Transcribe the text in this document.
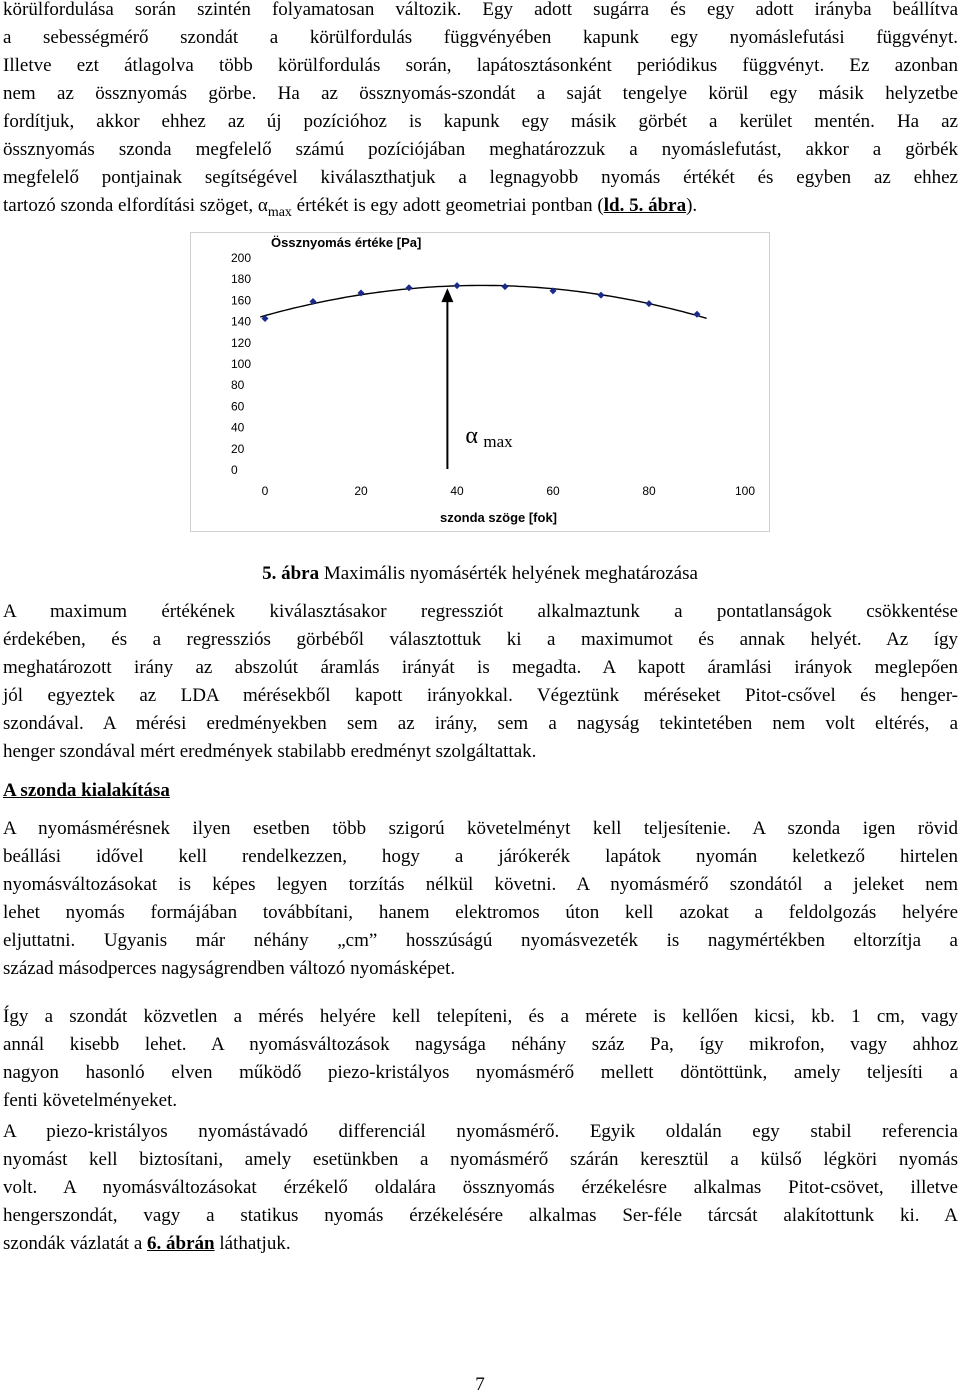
körülfordulása során szintén folyamatosan változik. Egy adott sugárra és egy adott irányba beállítva
a sebességmérő szondát a körülfordulás függvényében kapunk egy nyomáslefutási függvényt.
Illetve ezt átlagolva több körülfordulás során, lapátosztásonként periódikus függvényt. Ez azonban
nem az össznyomás görbe. Ha az össznyomás-szondát a saját tengelye körül egy másik helyzetbe
fordítjuk, akkor ehhez az új pozícióhoz is kapunk egy másik görbét a kerület mentén. Ha az
össznyomás szonda megfelelő számú pozíciójában meghatározzuk a nyomáslefutást, akkor a görbék
megfelelő pontjainak segítségével kiválaszthatjuk a legnagyobb nyomás értékét és egyben az ehhez
tartozó szonda elfordítási szöget, $\alpha_{max}$ értékét is egy adott geometriai pontban (ld. 5. ábra).
Össznyomás értéke [Pa]
200
180
160
140
120
100
80
60
40
20
0
0	20	40	60	80	100
α max
szonda szöge [fok]
5. ábra Maximális nyomásérték helyének meghatározása
A maximum értékének kiválasztásakor regressziót alkalmaztunk a pontatlanságok csökkentése
érdekében, és a regressziós görbéből választottuk ki a maximumot és annak helyét. Az így
meghatározott irány az abszolút áramlás irányát is megadta. A kapott áramlási irányok meglepően
jól egyeztek az LDA mérésekből kapott irányokkal. Végeztünk méréseket Pitot-csővel és henger-
szondával. A mérési eredményekben sem az irány, sem a nagyság tekintetében nem volt eltérés, a
henger szondával mért eredmények stabilabb eredményt szolgáltattak.
A szonda kialakítása
A nyomásmérésnek ilyen esetben több szigorú követelményt kell teljesítenie. A szonda igen rövid
beállási idővel kell rendelkezzen, hogy a járókerék lapátok nyomán keletkező hirtelen
nyomásváltozásokat is képes legyen torzítás nélkül követni. A nyomásmérő szondától a jeleket nem
lehet nyomás formájában továbbítani, hanem elektromos úton kell azokat a feldolgozás helyére
eljuttatni. Ugyanis már néhány „cm” hosszúságú nyomásvezeték is nagymértékben eltorzítja a
század másodperces nagyságrendben változó nyomásképet.
Így a szondát közvetlen a mérés helyére kell telepíteni, és a mérete is kellően kicsi, kb. 1 cm, vagy
annál kisebb lehet. A nyomásváltozások nagysága néhány száz Pa, így mikrofon, vagy ahhoz
nagyon hasonló elven működő piezo-kristályos nyomásmérő mellett döntöttünk, amely teljesíti a
fenti követelményeket.
A piezo-kristályos nyomástávadó differenciál nyomásmérő. Egyik oldalán egy stabil referencia
nyomást kell biztosítani, amely esetünkben a nyomásmérő szárán keresztül a külső légköri nyomás
volt. A nyomásváltozásokat érzékelő oldalára össznyomás érzékelésre alkalmas Pitot-csövet, illetve
hengerszondát, vagy a statikus nyomás érzékelésére alkalmas Ser-féle tárcsát alakítottunk ki. A
szondák vázlatát a 6. ábrán láthatjuk.
7
